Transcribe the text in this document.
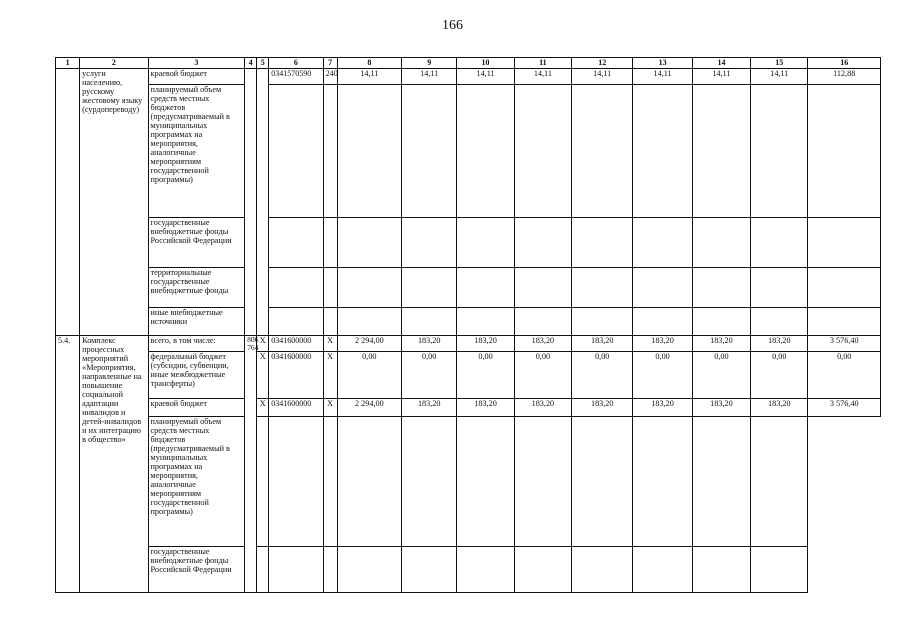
166
1	2	3	4	5	6	7	8	9	10	11	12	13	14	15	16
	услуги населению, русскому жестовому языку (сурдопереводу)	краевой бюджет			0341570590	240	14,11	14,11	14,11	14,11	14,11	14,11	14,11	14,11	112,88
		планируемый объем средств местных бюджетов (предусматриваемый в муниципальных программах на мероприятия, аналогичные мероприятиям государственной программы)													
		государственные внебюджетные фонды Российской Федерации													
		территориальные государственные внебюджетные фонды													
		иные внебюджетные источники													
5.4.	Комплекс процессных мероприятий «Мероприятия, направленные на повышение социальной адаптации инвалидов и детей-инвалидов и их интеграцию в общество»	всего, в том числе:	806 764	X	0341600000	X	2 294,00	183,20	183,20	183,20	183,20	183,20	183,20	183,20	3 576,40
		федеральный бюджет (субсидии, субвенции, иные межбюджетные трансферты)		X	0341600000	X	0,00	0,00	0,00	0,00	0,00	0,00	0,00	0,00	0,00
		краевой бюджет		X	0341600000	X	2 294,00	183,20	183,20	183,20	183,20	183,20	183,20	183,20	3 576,40
		планируемый объем средств местных бюджетов (предусматриваемый в муниципальных программах на мероприятия, аналогичные мероприятиям государственной программы)													
		государственные внебюджетные фонды Российской Федерации													
